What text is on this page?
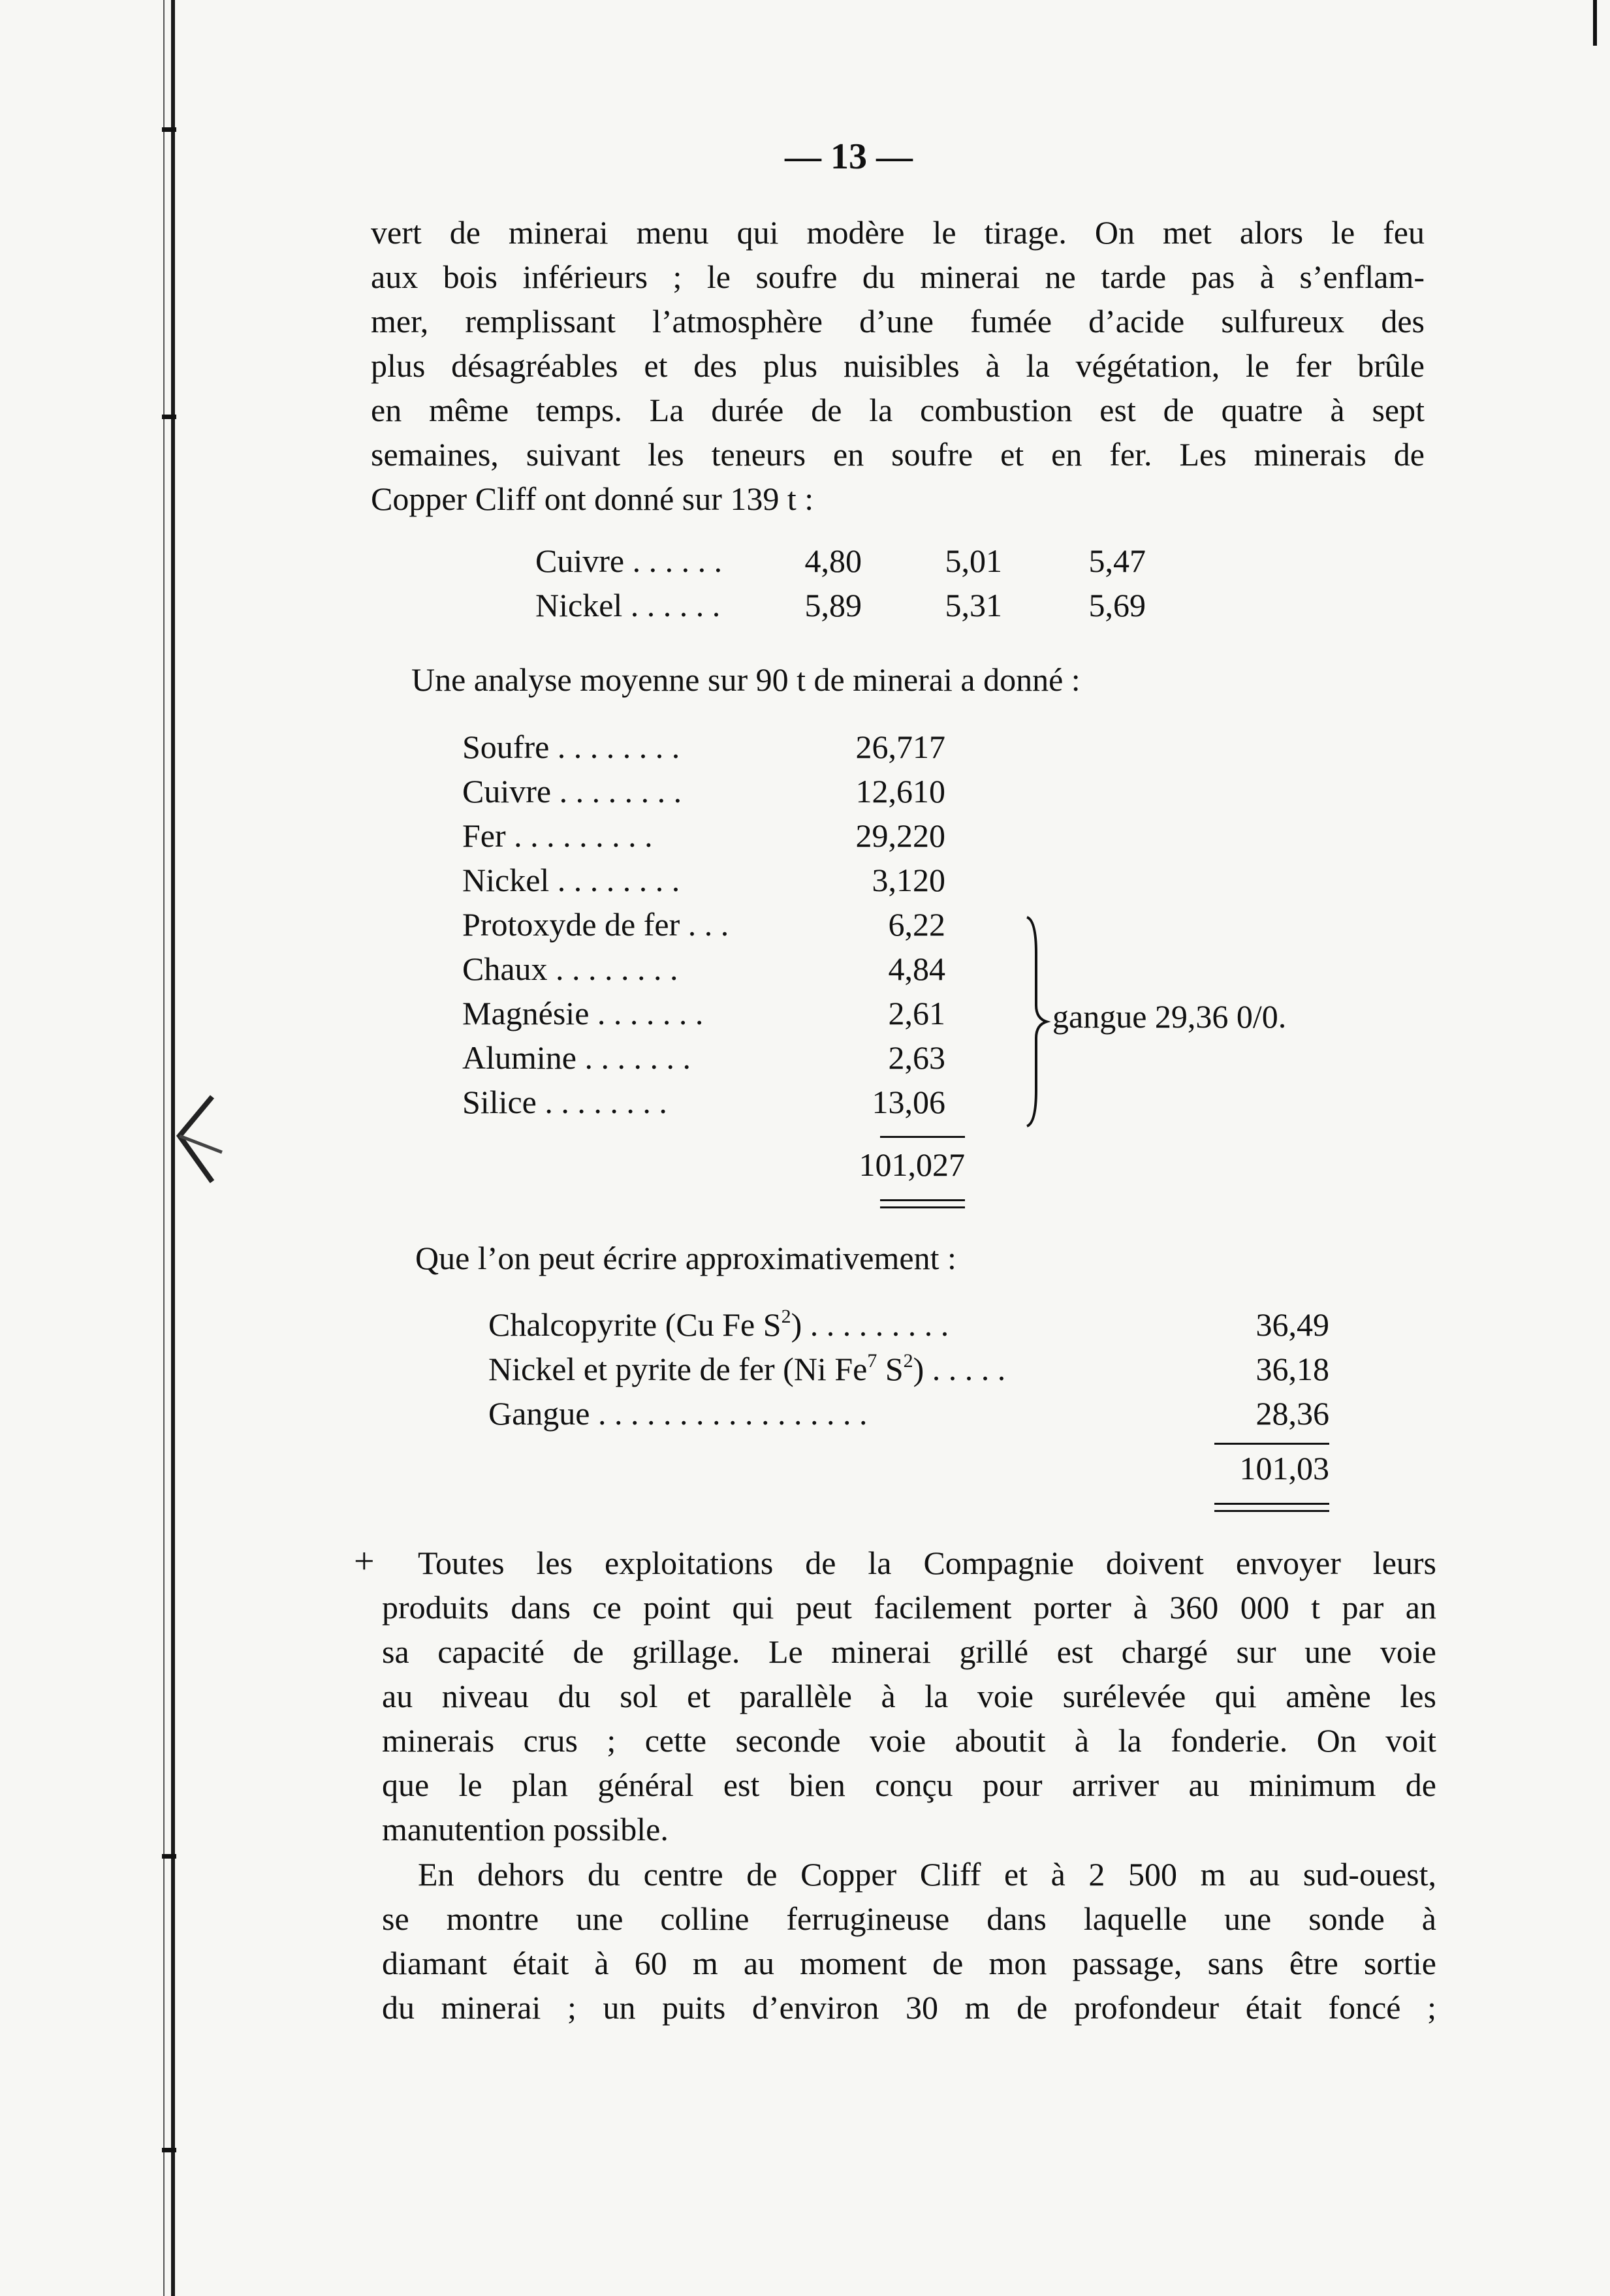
— 13 —
vert de minerai menu qui modère le tirage. On met alors le feu
aux bois inférieurs ; le soufre du minerai ne tarde pas à s’enflam-
mer, remplissant l’atmosphère d’une fumée d’acide sulfureux des
plus désagréables et des plus nuisibles à la végétation, le fer brûle
en même temps. La durée de la combustion est de quatre à sept
semaines, suivant les teneurs en soufre et en fer. Les minerais de
Copper Cliff ont donné sur 139 t :
Cuivre . . . . . .	4,80	5,01	5,47
Nickel . . . . . .	5,89	5,31	5,69
Une analyse moyenne sur 90 t de minerai a donné :
Soufre . . . . . . . .	26,717
Cuivre . . . . . . . .	12,610
Fer . . . . . . . . .	29,220
Nickel . . . . . . . .	3,120
Protoxyde de fer . . .	6,22
Chaux . . . . . . . .	4,84
Magnésie . . . . . . .	2,61
Alumine . . . . . . .	2,63
Silice . . . . . . . .	13,06
101,027
gangue 29,36 0/0.
Que l’on peut écrire approximativement :
Chalcopyrite (Cu Fe $S^2$) . . . . . . . . .	36,49
Nickel et pyrite de fer (Ni Fe$^7$ $S^2$) . . . . .	36,18
Gangue . . . . . . . . . . . . . . . . .	28,36
101,03
+	Toutes les exploitations de la Compagnie doivent envoyer leurs
produits dans ce point qui peut facilement porter à 360 000 t par an
sa capacité de grillage. Le minerai grillé est chargé sur une voie
au niveau du sol et parallèle à la voie surélevée qui amène les
minerais crus ; cette seconde voie aboutit à la fonderie. On voit
que le plan général est bien conçu pour arriver au minimum de
manutention possible.
En dehors du centre de Copper Cliff et à 2 500 m au sud-ouest,
se montre une colline ferrugineuse dans laquelle une sonde à
diamant était à 60 m au moment de mon passage, sans être sortie
du minerai ; un puits d’environ 30 m de profondeur était foncé ;
